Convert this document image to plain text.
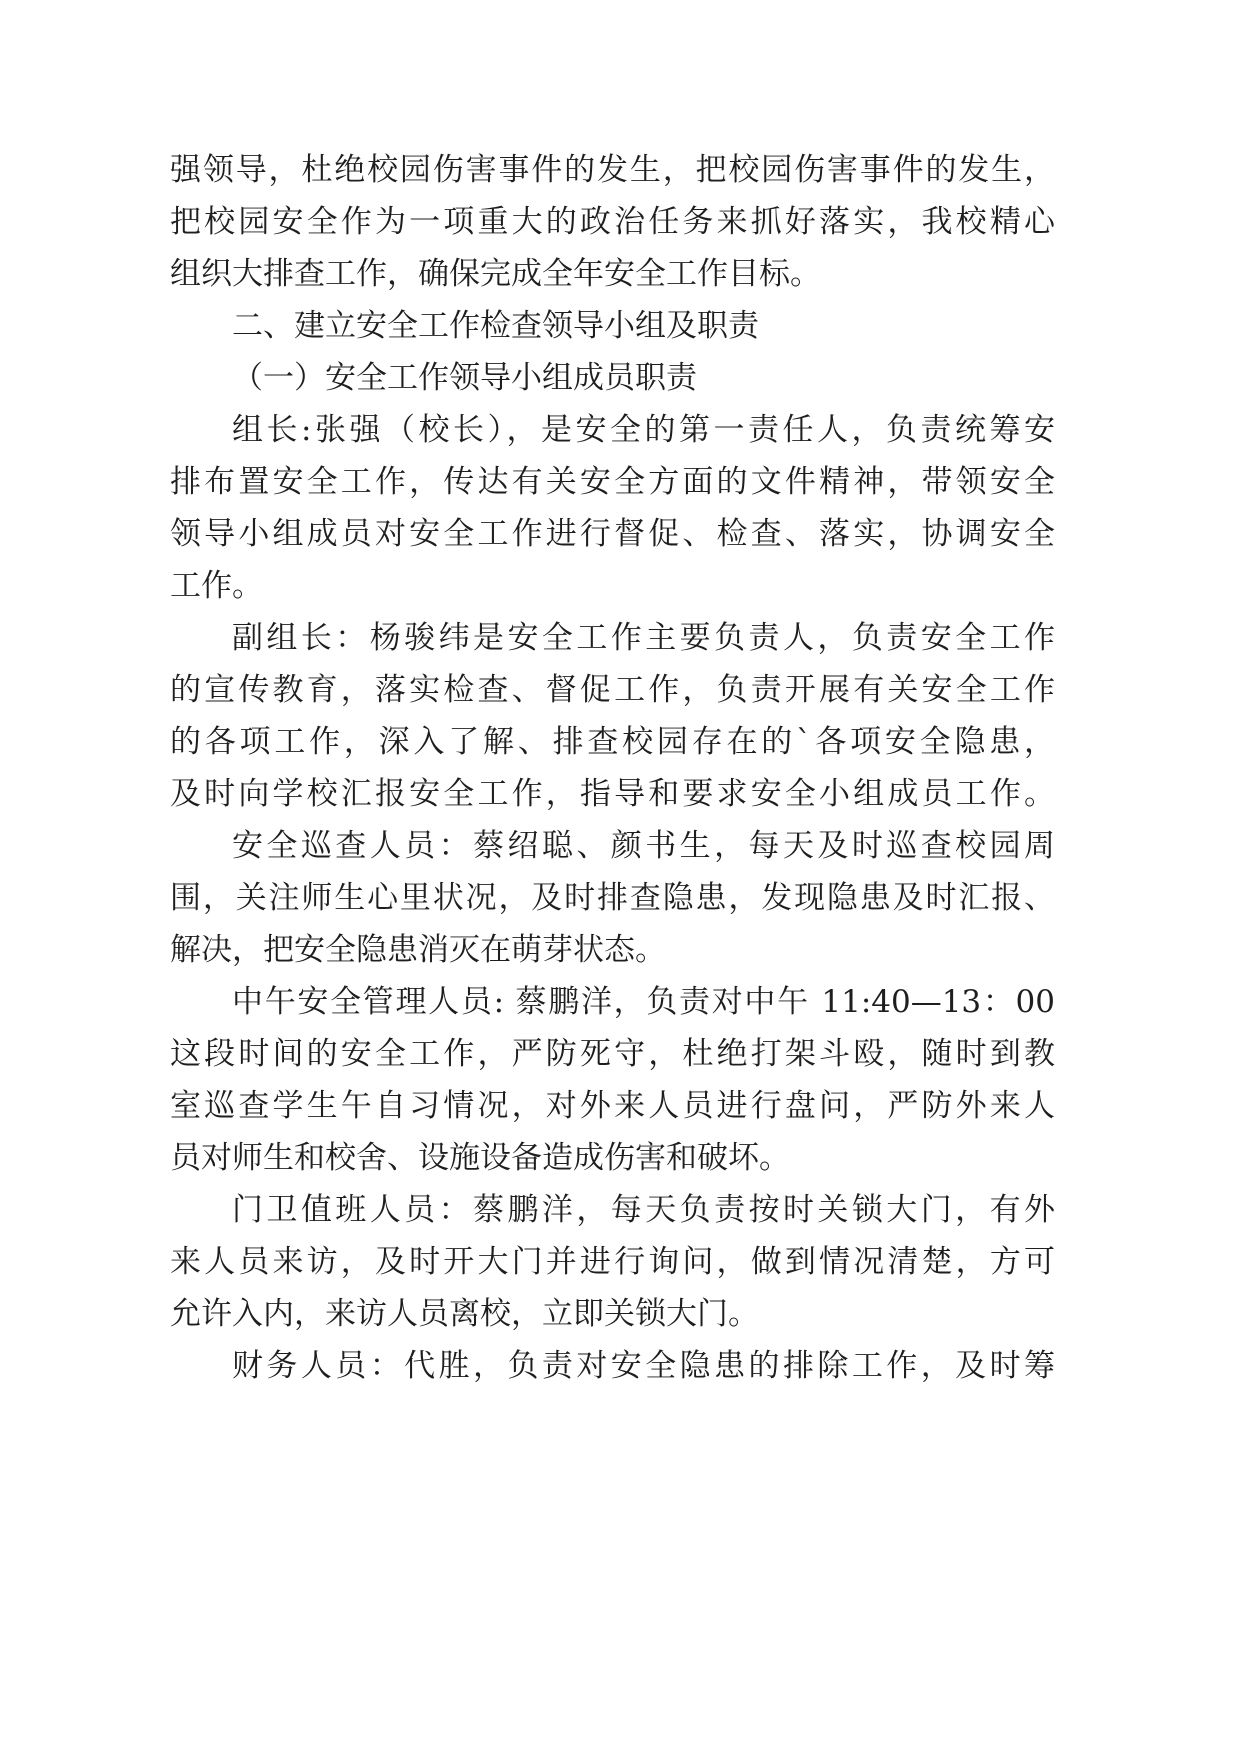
强领导，杜绝校园伤害事件的发生，把校园伤害事件的发生，
把校园安全作为一项重大的政治任务来抓好落实，我校精心
组织大排查工作，确保完成全年安全工作目标。
二、建立安全工作检查领导小组及职责
（一）安全工作领导小组成员职责
组长:张强（校长），是安全的第一责任人，负责统筹安
排布置安全工作，传达有关安全方面的文件精神，带领安全
领导小组成员对安全工作进行督促、检查、落实，协调安全
工作。
副组长：杨骏纬是安全工作主要负责人，负责安全工作
的宣传教育，落实检查、督促工作，负责开展有关安全工作
的各项工作，深入了解、排查校园存在的`各项安全隐患，
及时向学校汇报安全工作，指导和要求安全小组成员工作。
安全巡查人员：蔡绍聪、颜书生，每天及时巡查校园周
围，关注师生心里状况，及时排查隐患，发现隐患及时汇报、
解决，把安全隐患消灭在萌芽状态。
中午安全管理人员: 蔡鹏洋，负责对中午 11:40—13：00
这段时间的安全工作，严防死守，杜绝打架斗殴，随时到教
室巡查学生午自习情况，对外来人员进行盘问，严防外来人
员对师生和校舍、设施设备造成伤害和破坏。
门卫值班人员：蔡鹏洋，每天负责按时关锁大门，有外
来人员来访，及时开大门并进行询问，做到情况清楚，方可
允许入内，来访人员离校，立即关锁大门。
财务人员：代胜，负责对安全隐患的排除工作，及时筹
